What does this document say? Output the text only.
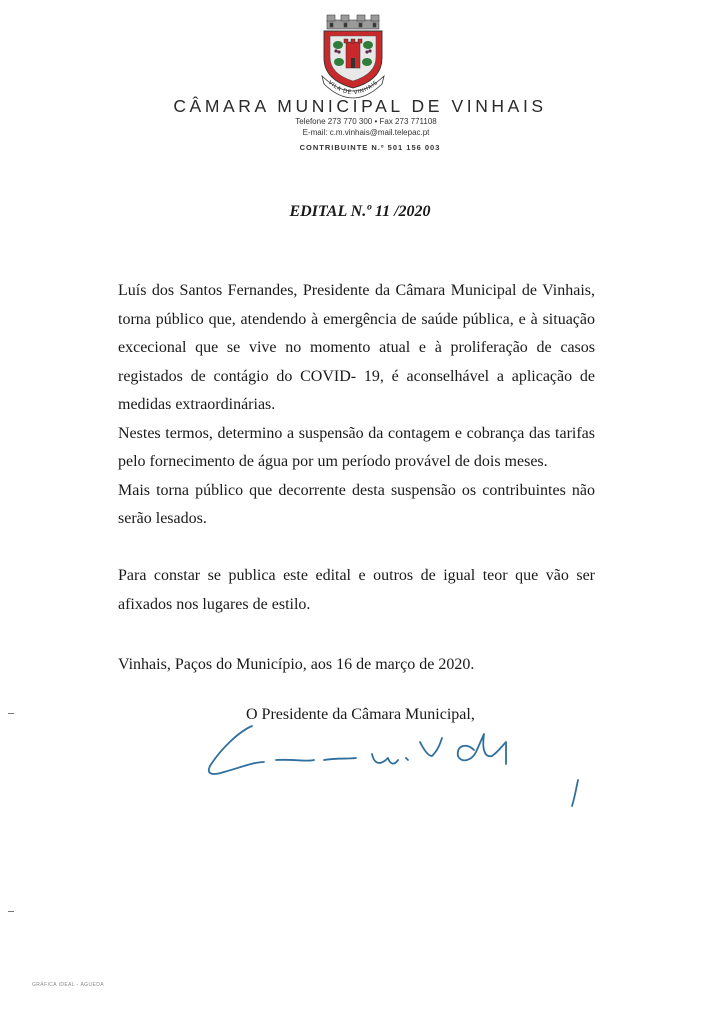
VILA DE VINHAIS
CÂMARA MUNICIPAL DE VINHAIS
Telefone 273 770 300 • Fax 273 771108
E-mail: c.m.vinhais@mail.telepac.pt
CONTRIBUINTE N.º 501 156 003
EDITAL N.º 11 /2020

Luís dos Santos Fernandes, Presidente da Câmara Municipal de Vinhais, torna público que, atendendo à emergência de saúde pública, e à situação excecional que se vive no momento atual e à proliferação de casos registados de contágio do COVID- 19, é aconselhável a aplicação de medidas extraordinárias.

Nestes termos, determino a suspensão da contagem e cobrança das tarifas pelo fornecimento de água por um período provável de dois meses.

Mais torna público que decorrente desta suspensão os contribuintes não serão lesados.

Para constar se publica este edital e outros de igual teor que vão ser afixados nos lugares de estilo.

Vinhais, Paços do Município, aos 16 de março de 2020.

O Presidente da Câmara Municipal,

GRÁFICA IDEAL - ÁGUEDA
